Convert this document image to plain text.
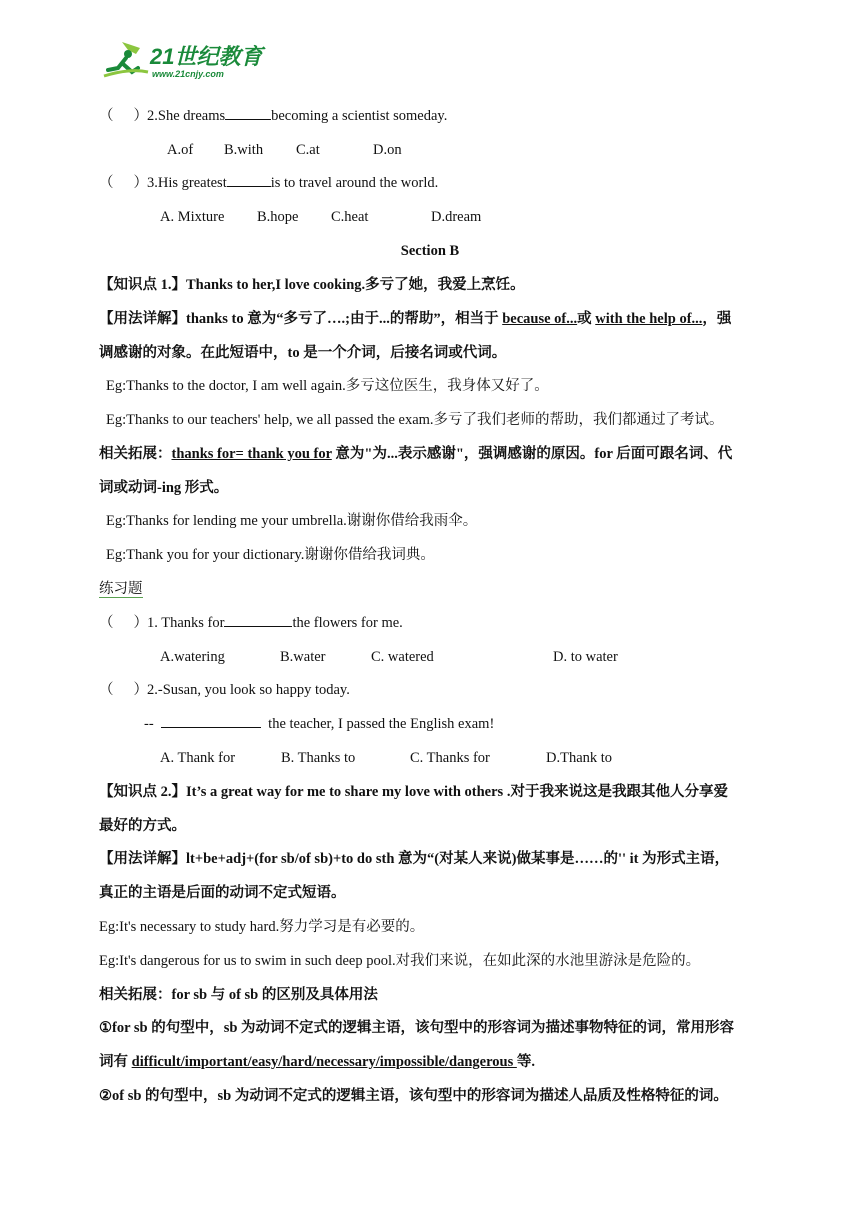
21世纪教育
www.21cnjy.com
（ ）2.She dreams	becoming a scientist someday.
A.of B.with C.at	D.on
（ ）3.His greatest	is to travel around the world.
A. Mixture B.hope C.heat	D.dream
Section B
【知识点 1.】Thanks to her,I love cooking.多亏了她，我爱上烹饪。
【用法详解】thanks to 意为“多亏了….;由于...的帮助”，相当于 because of...或 with the help of...，强
调感谢的对象。在此短语中，to 是一个介词，后接名词或代词。
Eg:Thanks to the doctor, I am well again.多亏这位医生，我身体又好了。
Eg:Thanks to our teachers' help, we all passed the exam.多亏了我们老师的帮助，我们都通过了考试。
相关拓展：thanks for= thank you for 意为"为...表示感谢"，强调感谢的原因。for 后面可跟名词、代
词或动词-ing 形式。
Eg:Thanks for lending me your umbrella.谢谢你借给我雨伞。
Eg:Thank you for your dictionary.谢谢你借给我词典。
练习题
（ ）1. Thanks for	the flowers for me.
A.watering	B.water	C. watered	D. to water
（ ）2.-Susan, you look so happy today.
--	the teacher, I passed the English exam!
A. Thank for	B. Thanks to	C. Thanks for	D.Thank to
【知识点 2.】It’s a great way for me to share my love with others .对于我来说这是我跟其他人分享爱
最好的方式。
【用法详解】lt+be+adj+(for sb/of sb)+to do sth 意为“(对某人来说)做某事是……的'' it 为形式主语，
真正的主语是后面的动词不定式短语。
Eg:It's necessary to study hard.努力学习是有必要的。
Eg:It's dangerous for us to swim in such deep pool.对我们来说，在如此深的水池里游泳是危险的。
相关拓展：for sb 与 of sb 的区别及具体用法
①for sb 的句型中，sb 为动词不定式的逻辑主语，该句型中的形容词为描述事物特征的词，常用形容
词有 difficult/important/easy/hard/necessary/impossible/dangerous 等.
②of sb 的句型中，sb 为动词不定式的逻辑主语，该句型中的形容词为描述人品质及性格特征的词。
